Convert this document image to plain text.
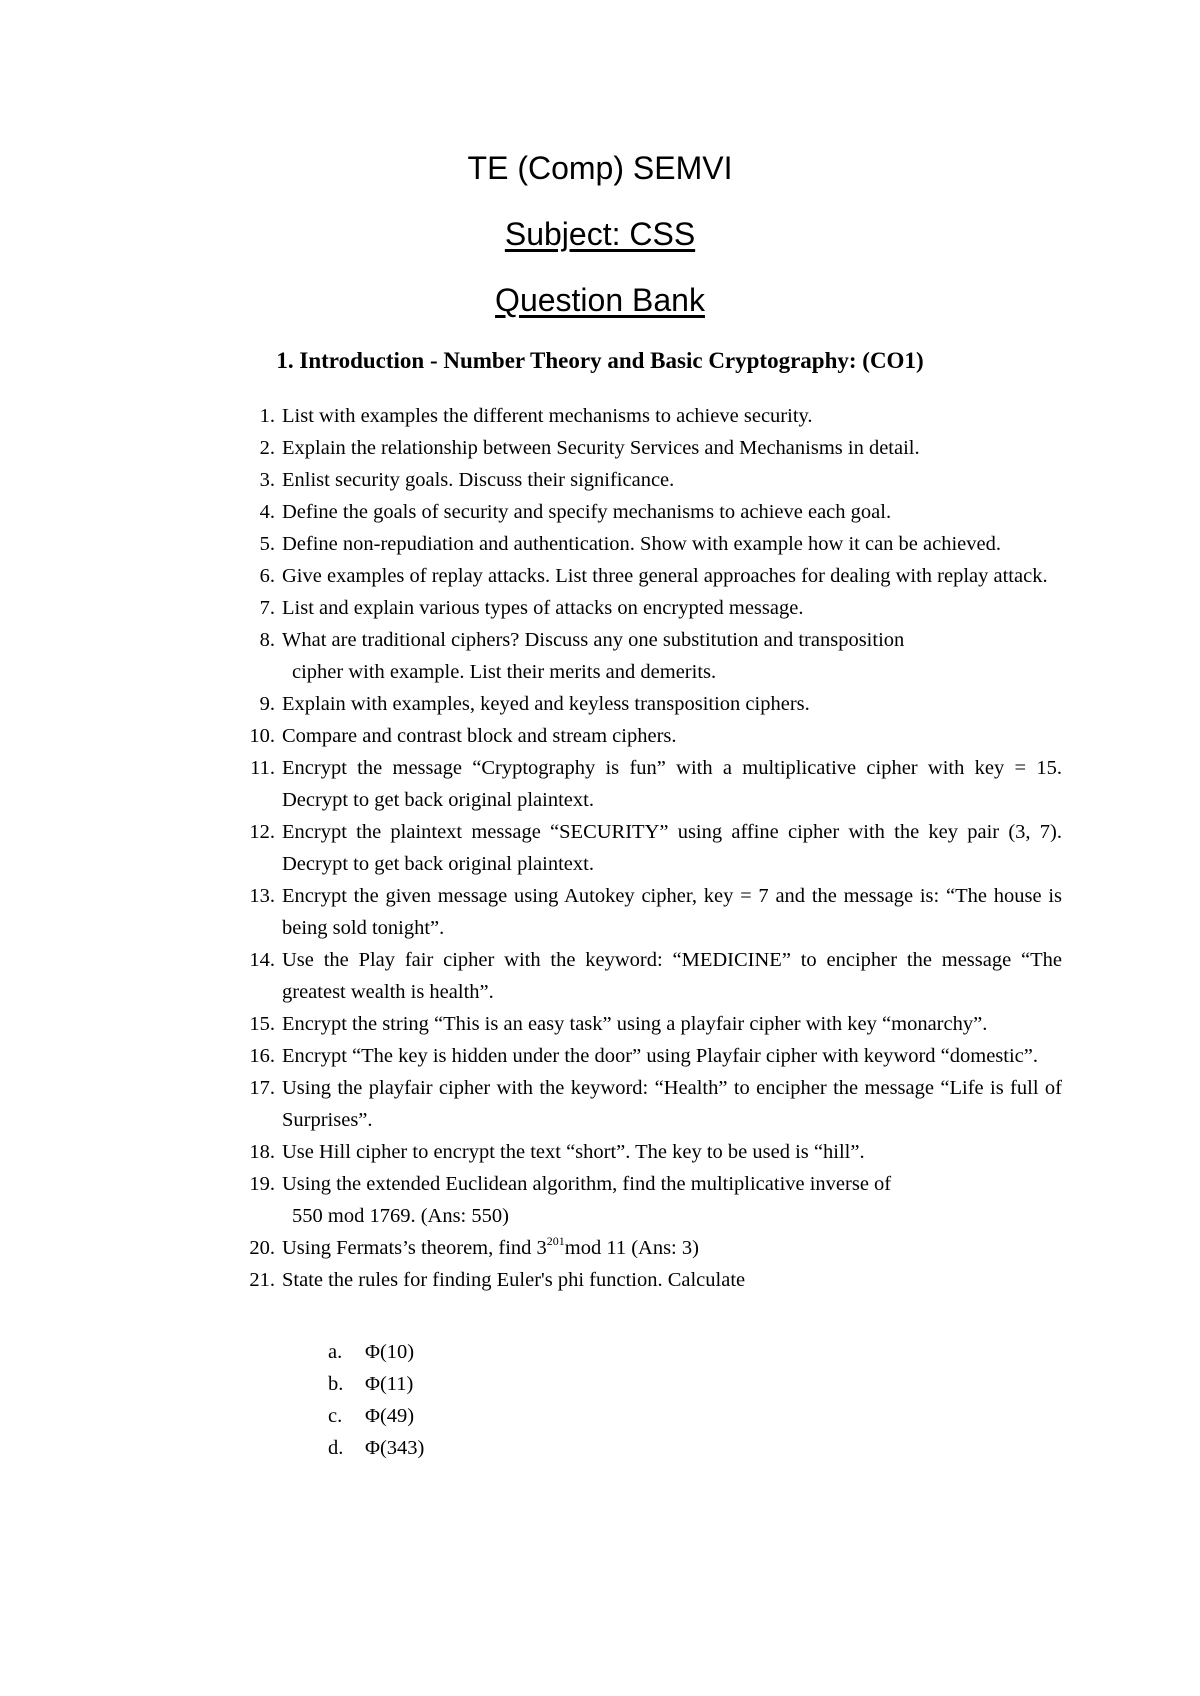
TE (Comp) SEMVI
Subject: CSS
Question Bank
1. Introduction - Number Theory and Basic Cryptography: (CO1)
1. List with examples the different mechanisms to achieve security.
2. Explain the relationship between Security Services and Mechanisms in detail.
3. Enlist security goals. Discuss their significance.
4. Define the goals of security and specify mechanisms to achieve each goal.
5. Define non-repudiation and authentication. Show with example how it can be achieved.
6. Give examples of replay attacks. List three general approaches for dealing with replay attack.
7. List and explain various types of attacks on encrypted message.
8. What are traditional ciphers? Discuss any one substitution and transposition
cipher with example. List their merits and demerits.
9. Explain with examples, keyed and keyless transposition ciphers.
10. Compare and contrast block and stream ciphers.
11. Encrypt the message “Cryptography is fun” with a multiplicative cipher with key = 15. Decrypt to get back original plaintext.
12. Encrypt the plaintext message “SECURITY” using affine cipher with the key pair (3, 7). Decrypt to get back original plaintext.
13. Encrypt the given message using Autokey cipher, key = 7 and the message is: “The house is being sold tonight”.
14. Use the Play fair cipher with the keyword: “MEDICINE” to encipher the message “The greatest wealth is health”.
15. Encrypt the string “This is an easy task” using a playfair cipher with key “monarchy”.
16. Encrypt “The key is hidden under the door” using Playfair cipher with keyword “domestic”.
17. Using the playfair cipher with the keyword: “Health” to encipher the message “Life is full of Surprises”.
18. Use Hill cipher to encrypt the text “short”. The key to be used is “hill”.
19. Using the extended Euclidean algorithm, find the multiplicative inverse of
550 mod 1769. (Ans: 550)
20. Using Fermats’s theorem, find $3^{201}mod$ 11 (Ans: 3)
21. State the rules for finding Euler's phi function. Calculate
a.	Φ(10)
b.	Φ(11)
c.	Φ(49)
d.	Φ(343)
